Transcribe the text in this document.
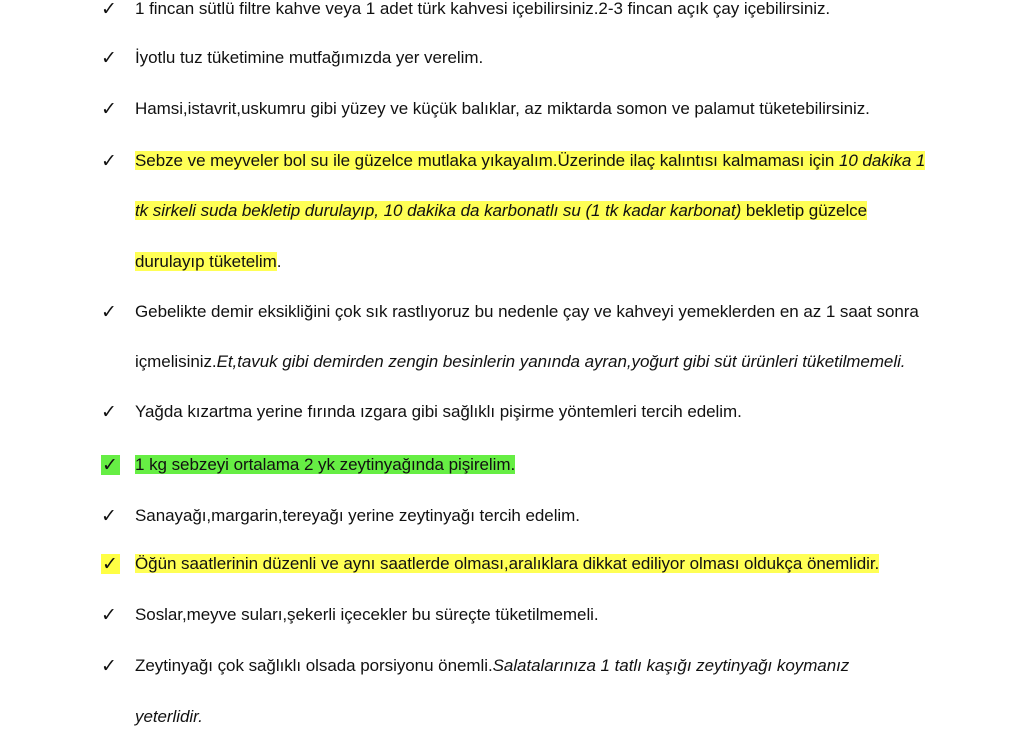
✓ 1 fincan sütlü filtre kahve veya 1 adet türk kahvesi içebilirsiniz.2-3 fincan açık çay içebilirsiniz.
✓ İyotlu tuz tüketimine mutfağımızda yer verelim.
✓ Hamsi,istavrit,uskumru gibi yüzey ve küçük balıklar, az miktarda somon ve palamut tüketebilirsiniz.
✓ Sebze ve meyveler bol su ile güzelce mutlaka yıkayalım.Üzerinde ilaç kalıntısı kalmaması için 10 dakika 1
tk sirkeli suda bekletip durulayıp, 10 dakika da karbonatlı su (1 tk kadar karbonat) bekletip güzelce
durulayıp tüketelim.
✓ Gebelikte demir eksikliğini çok sık rastlıyoruz bu nedenle çay ve kahveyi yemeklerden en az 1 saat sonra
içmelisiniz.Et,tavuk gibi demirden zengin besinlerin yanında ayran,yoğurt gibi süt ürünleri tüketilmemeli.
✓ Yağda kızartma yerine fırında ızgara gibi sağlıklı pişirme yöntemleri tercih edelim.
✓ 1 kg sebzeyi ortalama 2 yk zeytinyağında pişirelim.
✓ Sanayağı,margarin,tereyağı yerine zeytinyağı tercih edelim.
✓ Öğün saatlerinin düzenli ve aynı saatlerde olması,aralıklara dikkat ediliyor olması oldukça önemlidir.
✓ Soslar,meyve suları,şekerli içecekler bu süreçte tüketilmemeli.
✓ Zeytinyağı çok sağlıklı olsada porsiyonu önemli.Salatalarınıza 1 tatlı kaşığı zeytinyağı koymanız
yeterlidir.
